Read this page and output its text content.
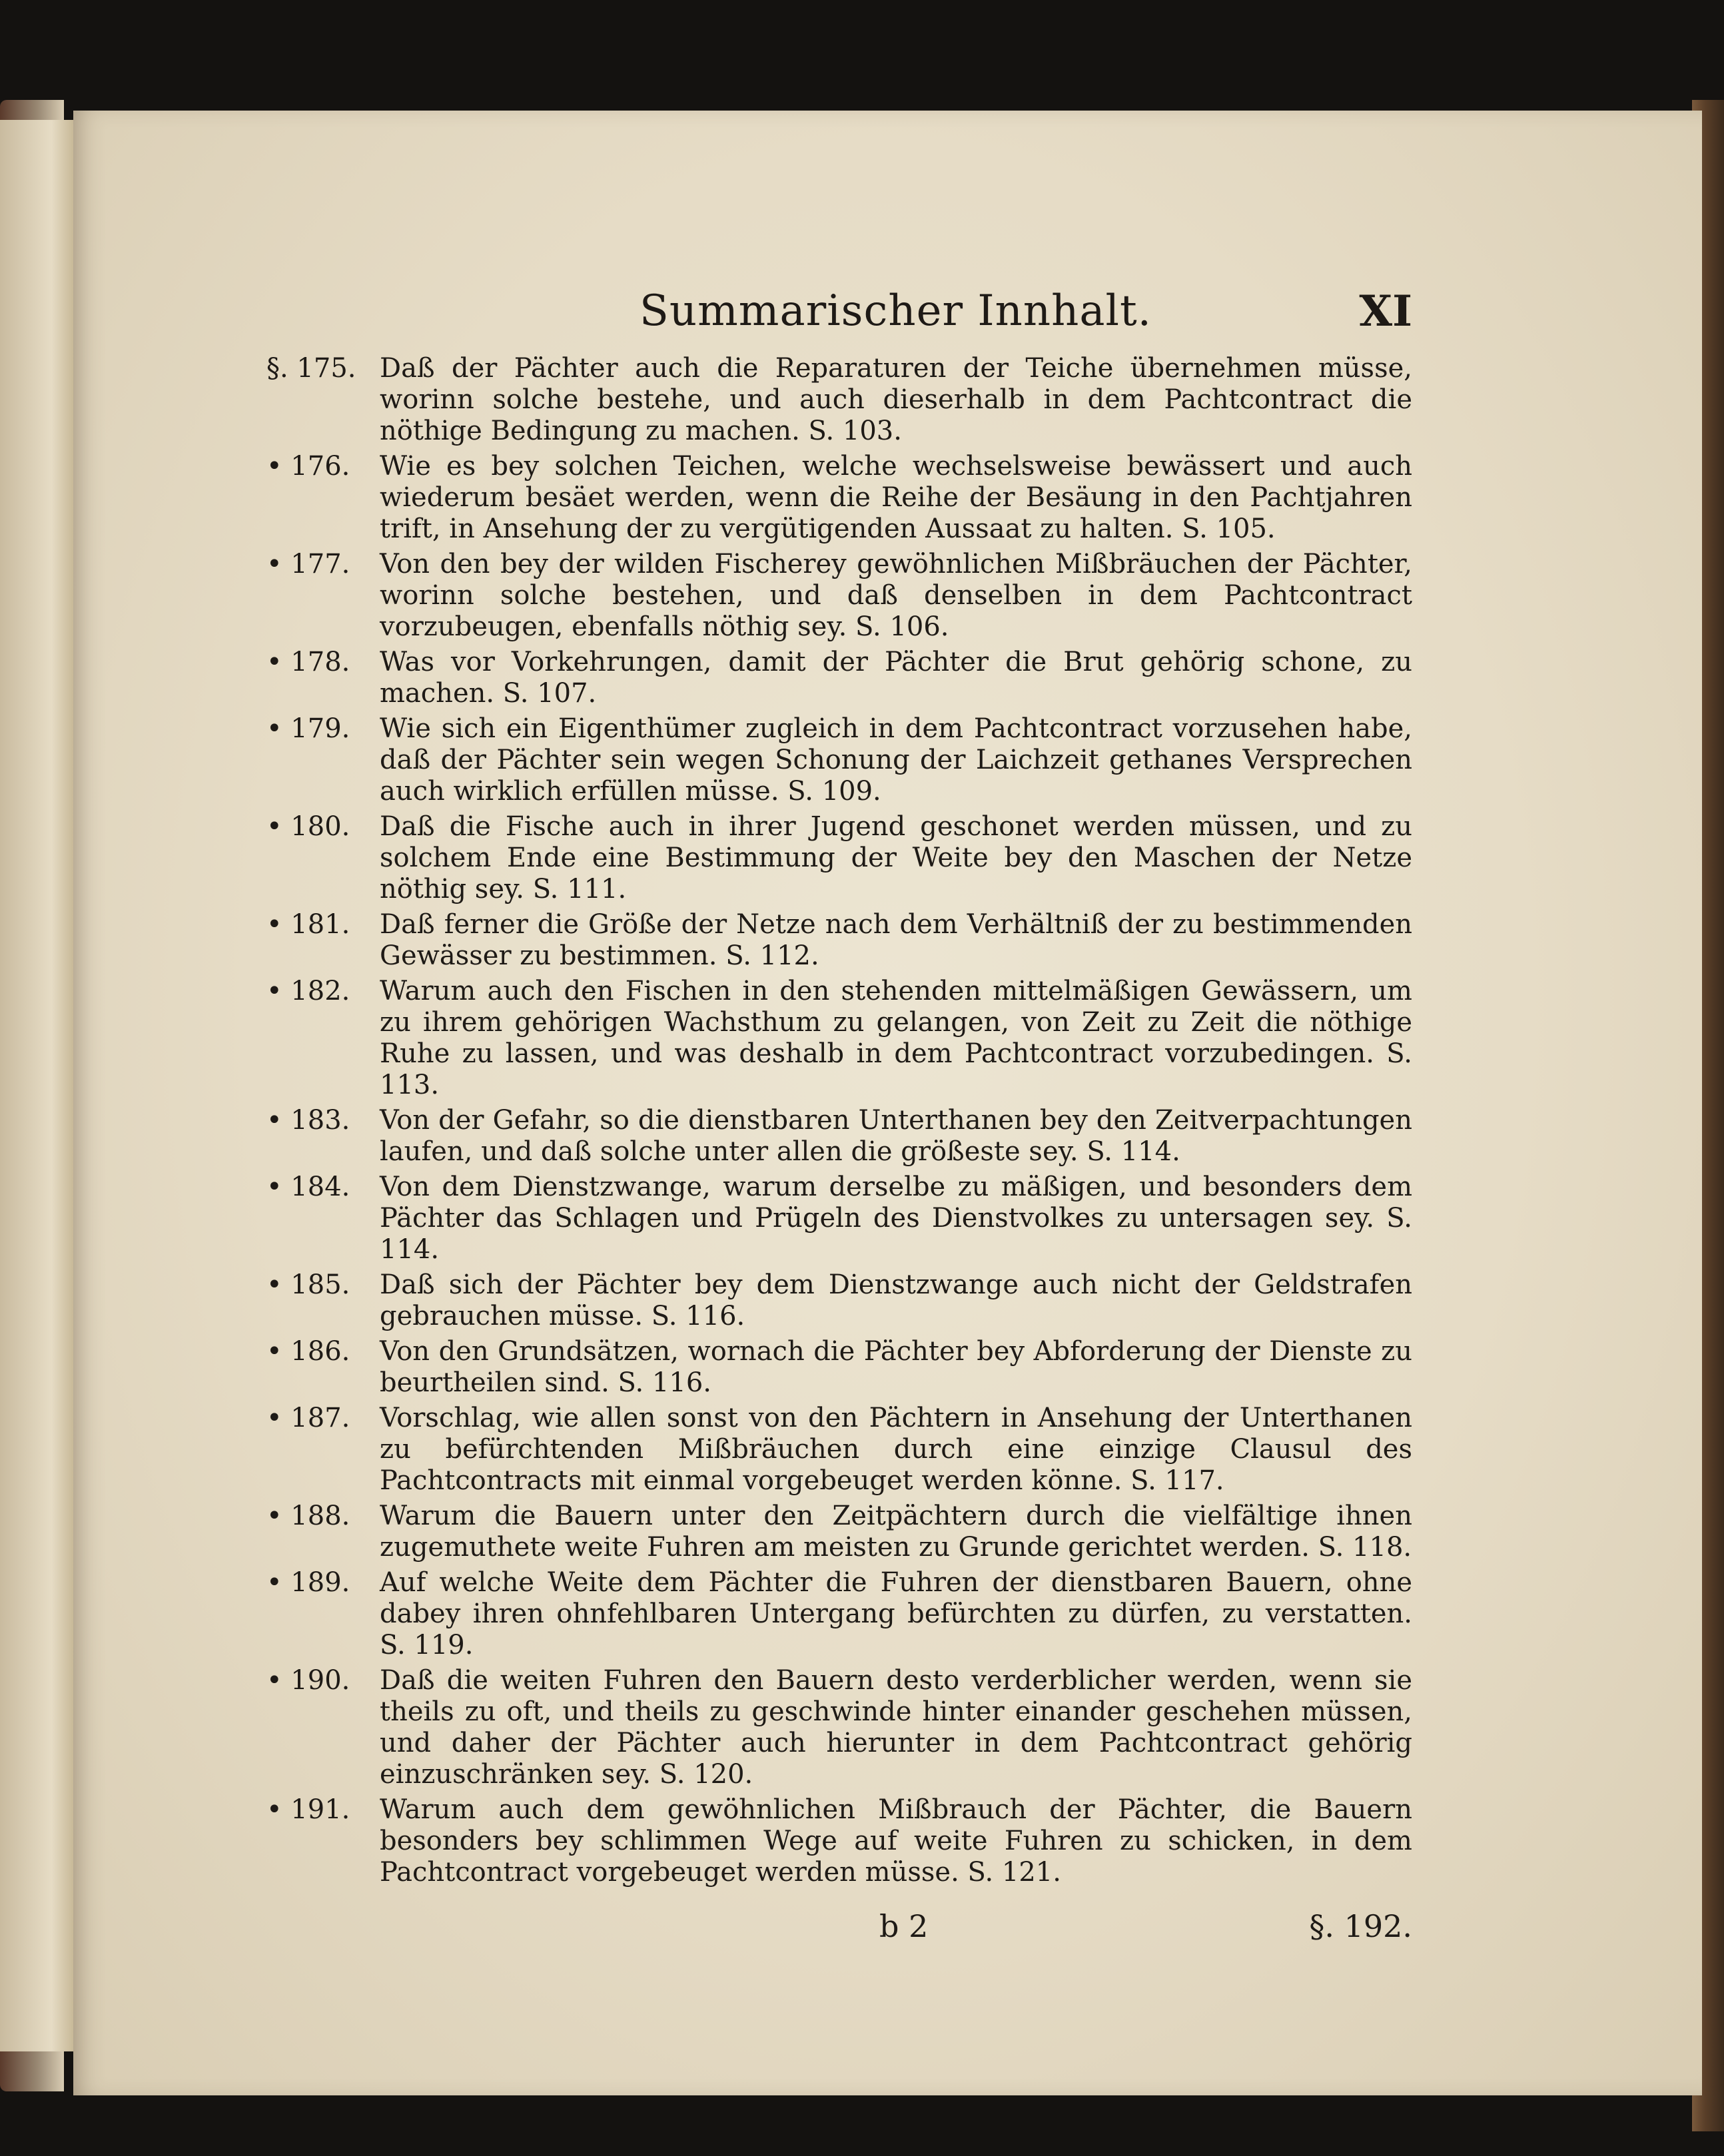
Summarischer Innhalt.	XI
§. 175. Daß der Pächter auch die Reparaturen der Teiche übernehmen müsse, worinn solche bestehe, und auch dieserhalb in dem Pachtcontract die nöthige Bedingung zu machen. S. 103.
• 176.	Wie es bey solchen Teichen, welche wechselsweise bewässert und auch wiederum besäet werden, wenn die Reihe der Besäung in den Pachtjahren trift, in Ansehung der zu vergütigenden Aussaat zu halten. S. 105.
• 177.	Von den bey der wilden Fischerey gewöhnlichen Mißbräuchen der Pächter, worinn solche bestehen, und daß denselben in dem Pachtcontract vorzubeugen, ebenfalls nöthig sey. S. 106.
• 178.	Was vor Vorkehrungen, damit der Pächter die Brut gehörig schone, zu machen. S. 107.
• 179.	Wie sich ein Eigenthümer zugleich in dem Pachtcontract vorzusehen habe, daß der Pächter sein wegen Schonung der Laichzeit gethanes Versprechen auch wirklich erfüllen müsse. S. 109.
• 180.	Daß die Fische auch in ihrer Jugend geschonet werden müssen, und zu solchem Ende eine Bestimmung der Weite bey den Maschen der Netze nöthig sey. S. 111.
• 181.	Daß ferner die Größe der Netze nach dem Verhältniß der zu bestimmenden Gewässer zu bestimmen. S. 112.
• 182.	Warum auch den Fischen in den stehenden mittelmäßigen Gewässern, um zu ihrem gehörigen Wachsthum zu gelangen, von Zeit zu Zeit die nöthige Ruhe zu lassen, und was deshalb in dem Pachtcontract vorzubedingen. S. 113.
• 183.	Von der Gefahr, so die dienstbaren Unterthanen bey den Zeitverpachtungen laufen, und daß solche unter allen die größeste sey. S. 114.
• 184.	Von dem Dienstzwange, warum derselbe zu mäßigen, und besonders dem Pächter das Schlagen und Prügeln des Dienstvolkes zu untersagen sey. S. 114.
• 185.	Daß sich der Pächter bey dem Dienstzwange auch nicht der Geldstrafen gebrauchen müsse. S. 116.
• 186.	Von den Grundsätzen, wornach die Pächter bey Abforderung der Dienste zu beurtheilen sind. S. 116.
• 187.	Vorschlag, wie allen sonst von den Pächtern in Ansehung der Unterthanen zu befürchtenden Mißbräuchen durch eine einzige Clausul des Pachtcontracts mit einmal vorgebeuget werden könne. S. 117.
• 188.	Warum die Bauern unter den Zeitpächtern durch die vielfältige ihnen zugemuthete weite Fuhren am meisten zu Grunde gerichtet werden. S. 118.
• 189.	Auf welche Weite dem Pächter die Fuhren der dienstbaren Bauern, ohne dabey ihren ohnfehlbaren Untergang befürchten zu dürfen, zu verstatten. S. 119.
• 190.	Daß die weiten Fuhren den Bauern desto verderblicher werden, wenn sie theils zu oft, und theils zu geschwinde hinter einander geschehen müssen, und daher der Pächter auch hierunter in dem Pachtcontract gehörig einzuschränken sey. S. 120.
• 191.	Warum auch dem gewöhnlichen Mißbrauch der Pächter, die Bauern besonders bey schlimmen Wege auf weite Fuhren zu schicken, in dem Pachtcontract vorgebeuget werden müsse. S. 121.
b 2	§. 192.
